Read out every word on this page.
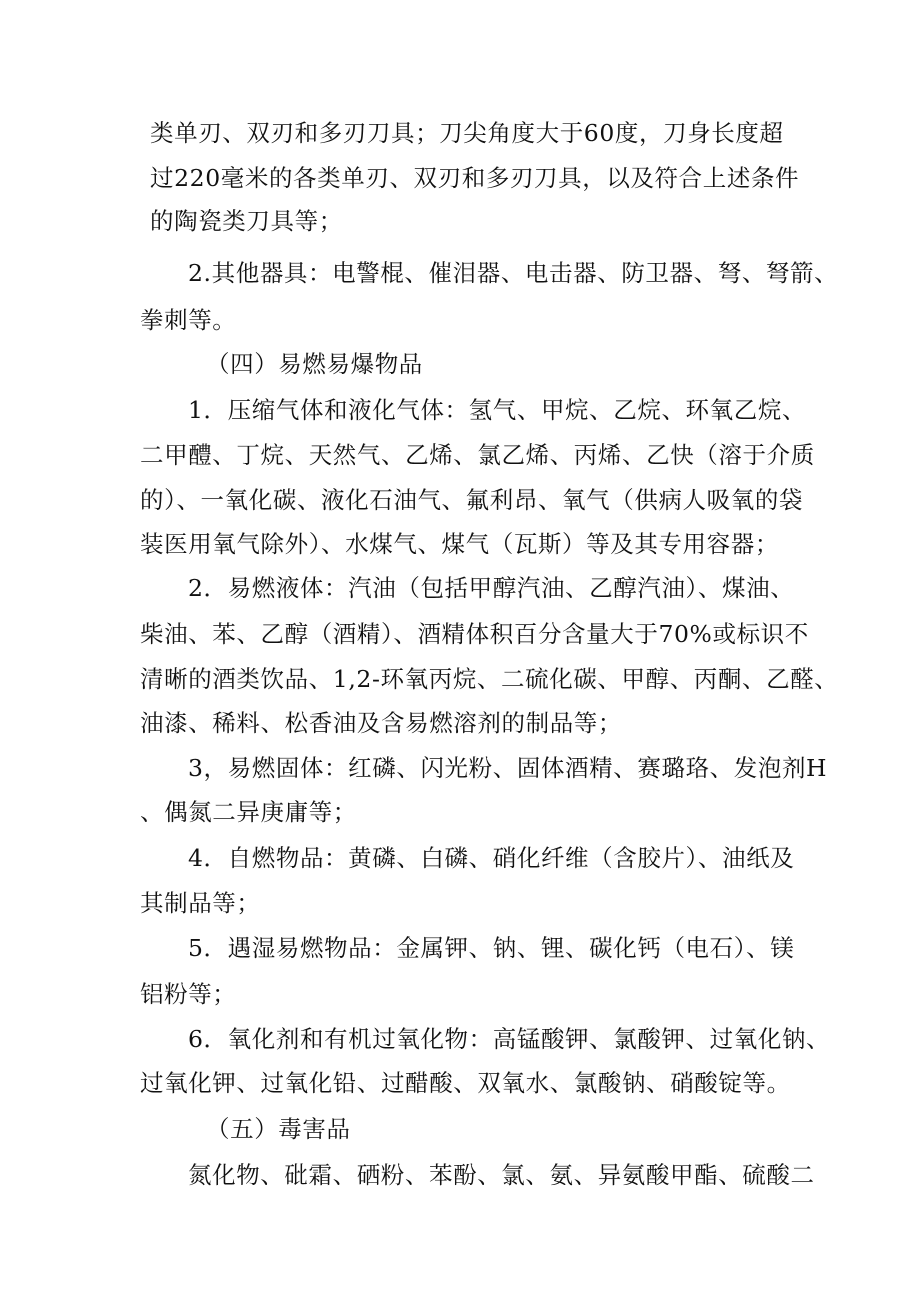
类单刃、双刃和多刃刀具；刀尖角度大于60度，刀身长度超
过220毫米的各类单刃、双刃和多刃刀具，以及符合上述条件
的陶瓷类刀具等；
2.其他器具：电警棍、催泪器、电击器、防卫器、弩、弩箭、
拳刺等。
（四）易燃易爆物品
1．压缩气体和液化气体：氢气、甲烷、乙烷、环氧乙烷、
二甲醴、丁烷、天然气、乙烯、氯乙烯、丙烯、乙快（溶于介质
的）、一氧化碳、液化石油气、氟利昂、氧气（供病人吸氧的袋
装医用氧气除外）、水煤气、煤气（瓦斯）等及其专用容器；
2．易燃液体：汽油（包括甲醇汽油、乙醇汽油）、煤油、
柴油、苯、乙醇（酒精）、酒精体积百分含量大于70%或标识不
清晰的酒类饮品、1,2-环氧丙烷、二硫化碳、甲醇、丙酮、乙醛、
油漆、稀料、松香油及含易燃溶剂的制品等；
3，易燃固体：红磷、闪光粉、固体酒精、赛璐珞、发泡剂H
、偶氮二异庚庸等；
4．自燃物品：黄磷、白磷、硝化纤维（含胶片）、油纸及
其制品等；
5．遇湿易燃物品：金属钾、钠、锂、碳化钙（电石）、镁
铝粉等；
6．氧化剂和有机过氧化物：高锰酸钾、氯酸钾、过氧化钠、
过氧化钾、过氧化铅、过醋酸、双氧水、氯酸钠、硝酸锭等。
（五）毒害品
氮化物、砒霜、硒粉、苯酚、氯、氨、异氨酸甲酯、硫酸二
